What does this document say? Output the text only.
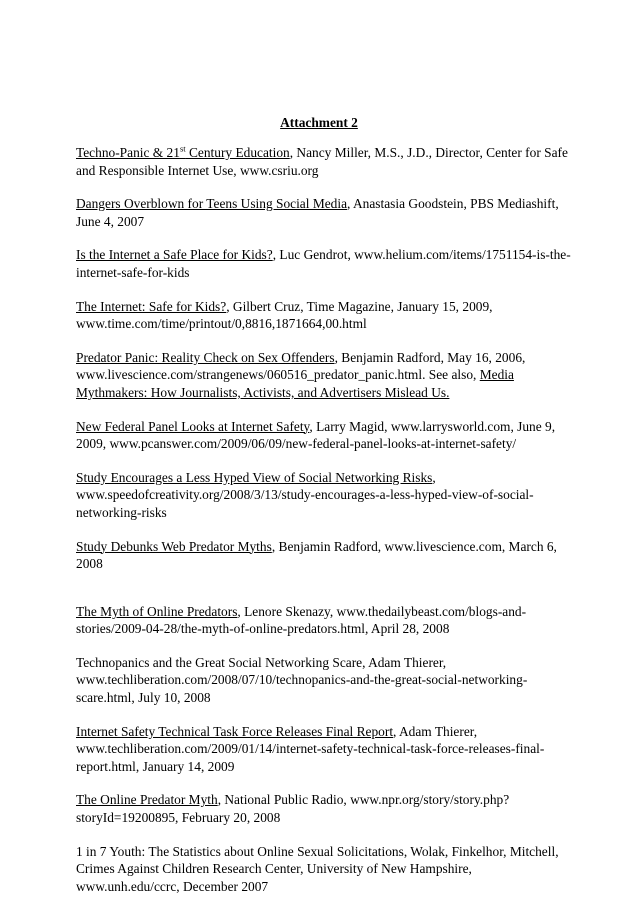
Attachment 2

Techno-Panic & 21st Century Education, Nancy Miller, M.S., J.D., Director, Center for Safe and Responsible Internet Use, www.csriu.org

Dangers Overblown for Teens Using Social Media, Anastasia Goodstein, PBS Mediashift, June 4, 2007

Is the Internet a Safe Place for Kids?, Luc Gendrot, www.helium.com/items/1751154-is-the-internet-safe-for-kids

The Internet: Safe for Kids?, Gilbert Cruz, Time Magazine, January 15, 2009, www.time.com/time/printout/0,8816,1871664,00.html

Predator Panic: Reality Check on Sex Offenders, Benjamin Radford, May 16, 2006, www.livescience.com/strangenews/060516_predator_panic.html. See also, Media Mythmakers: How Journalists, Activists, and Advertisers Mislead Us.

New Federal Panel Looks at Internet Safety, Larry Magid, www.larrysworld.com, June 9, 2009, www.pcanswer.com/2009/06/09/new-federal-panel-looks-at-internet-safety/

Study Encourages a Less Hyped View of Social Networking Risks, www.speedofcreativity.org/2008/3/13/study-encourages-a-less-hyped-view-of-social-networking-risks

Study Debunks Web Predator Myths, Benjamin Radford, www.livescience.com, March 6, 2008

The Myth of Online Predators, Lenore Skenazy, www.thedailybeast.com/blogs-and-stories/2009-04-28/the-myth-of-online-predators.html, April 28, 2008

Technopanics and the Great Social Networking Scare, Adam Thierer, www.techliberation.com/2008/07/10/technopanics-and-the-great-social-networking-scare.html, July 10, 2008

Internet Safety Technical Task Force Releases Final Report, Adam Thierer, www.techliberation.com/2009/01/14/internet-safety-technical-task-force-releases-final-report.html, January 14, 2009

The Online Predator Myth, National Public Radio, www.npr.org/story/story.php?storyId=19200895, February 20, 2008

1 in 7 Youth: The Statistics about Online Sexual Solicitations, Wolak, Finkelhor, Mitchell, Crimes Against Children Research Center, University of New Hampshire, www.unh.edu/ccrc, December 2007
